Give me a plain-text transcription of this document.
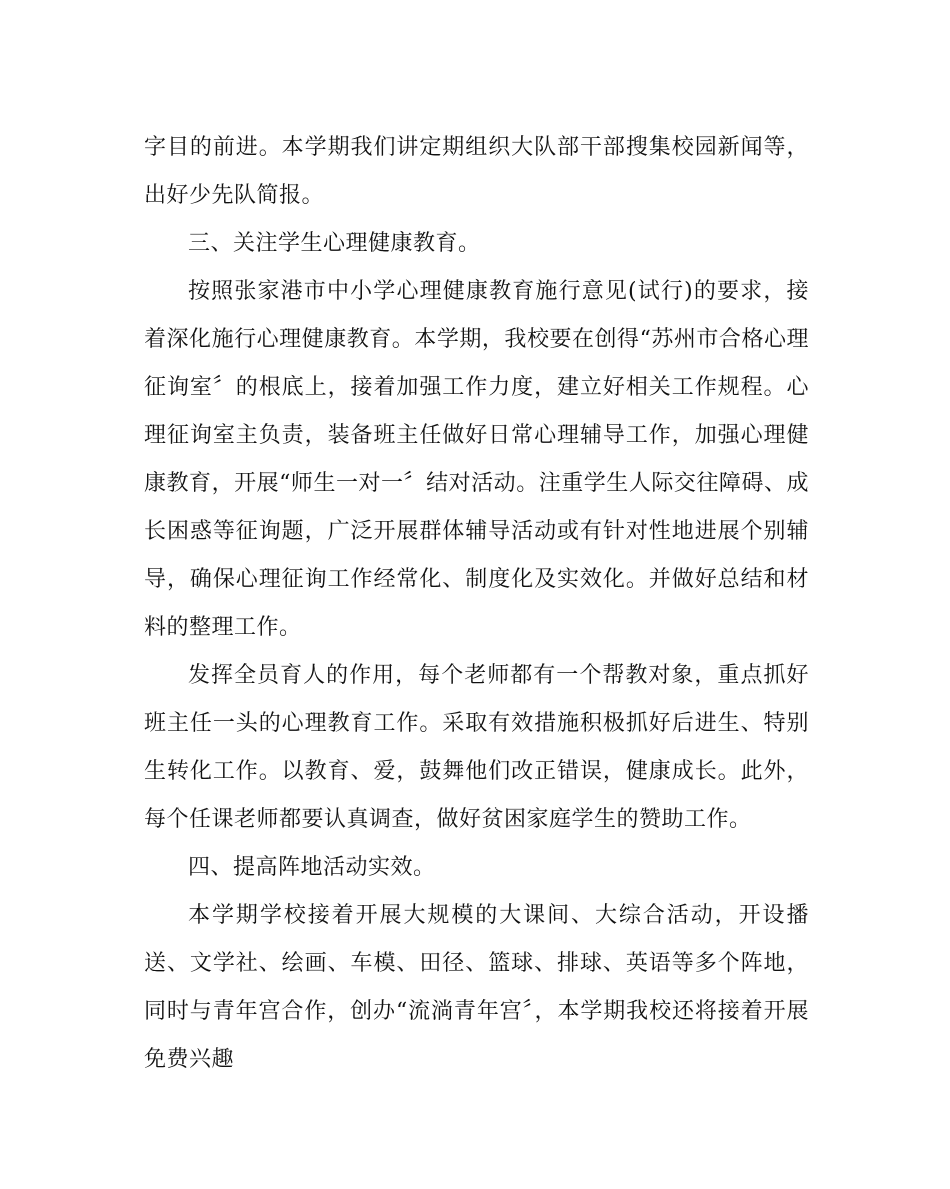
字目的前进。本学期我们讲定期组织大队部干部搜集校园新闻等，出好少先队简报。

三、关注学生心理健康教育。

按照张家港市中小学心理健康教育施行意见(试行)的要求，接着深化施行心理健康教育。本学期，我校要在创得“苏州市合格心理征询室〞的根底上，接着加强工作力度，建立好相关工作规程。心理征询室主负责，装备班主任做好日常心理辅导工作，加强心理健康教育，开展“师生一对一〞结对活动。注重学生人际交往障碍、成长困惑等征询题，广泛开展群体辅导活动或有针对性地进展个别辅导，确保心理征询工作经常化、制度化及实效化。并做好总结和材料的整理工作。

发挥全员育人的作用，每个老师都有一个帮教对象，重点抓好班主任一头的心理教育工作。采取有效措施积极抓好后进生、特别生转化工作。以教育、爱，鼓舞他们改正错误，健康成长。此外，每个任课老师都要认真调查，做好贫困家庭学生的赞助工作。

四、提高阵地活动实效。

本学期学校接着开展大规模的大课间、大综合活动，开设播送、文学社、绘画、车模、田径、篮球、排球、英语等多个阵地，同时与青年宫合作，创办“流淌青年宫〞，本学期我校还将接着开展免费兴趣
